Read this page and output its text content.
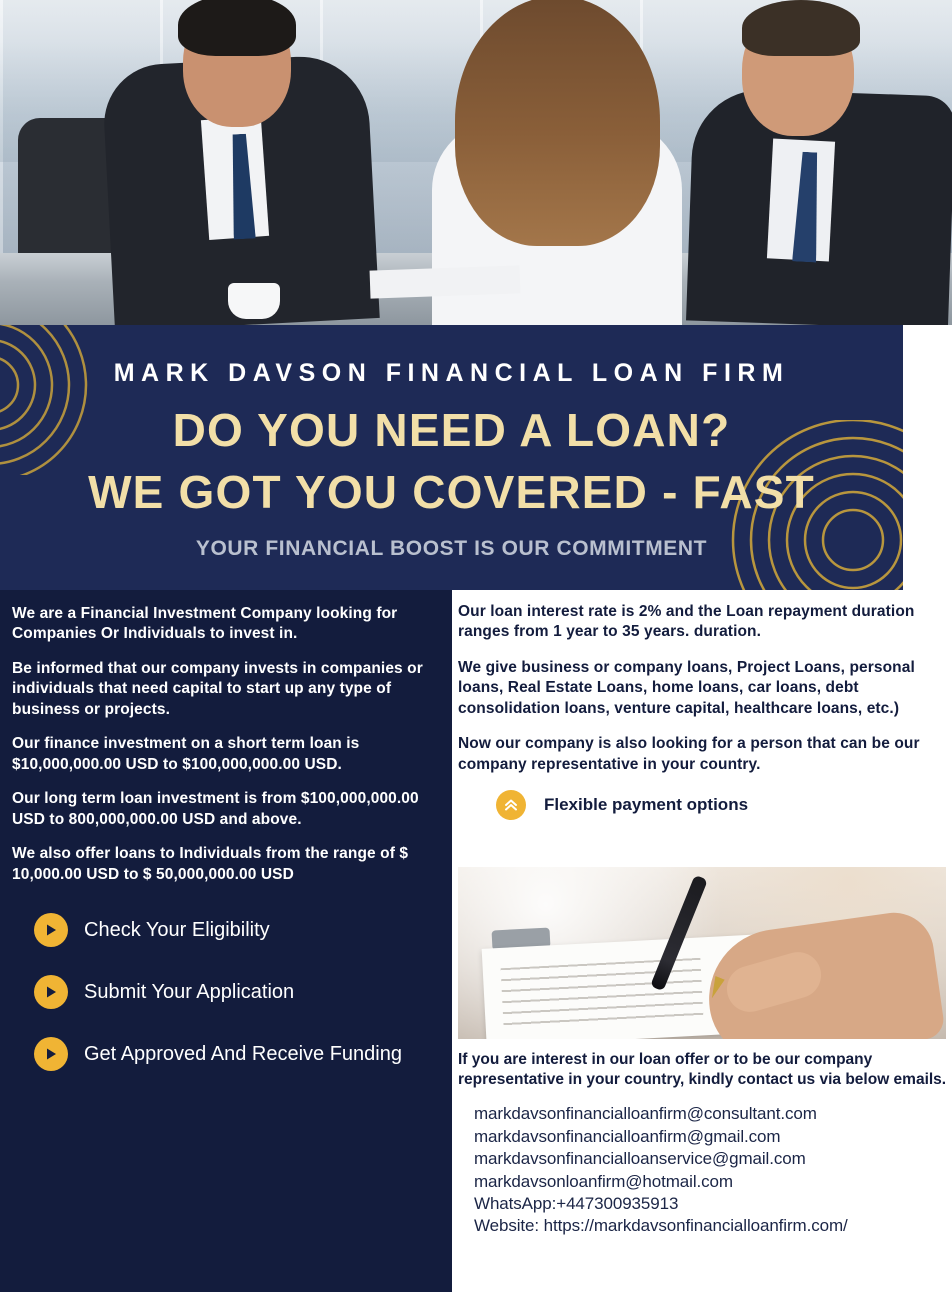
MARK DAVSON FINANCIAL LOAN FIRM
DO YOU NEED A LOAN?
WE GOT YOU COVERED - FAST
YOUR FINANCIAL BOOST IS OUR COMMITMENT

We are a Financial Investment Company looking for Companies Or Individuals to invest in.

Be informed that our company invests in companies or individuals that need capital to start up any type of business or projects.

Our finance investment on a short term loan is $10,000,000.00 USD to $100,000,000.00 USD.

Our long term loan investment is from $100,000,000.00 USD to 800,000,000.00 USD and above.

We also offer loans to Individuals from the range of $ 10,000.00 USD to $ 50,000,000.00 USD

Check Your Eligibility
Submit Your Application
Get Approved And Receive Funding

Our loan interest rate is 2% and the Loan repayment duration ranges from 1 year to 35 years. duration.

We give business or company loans, Project Loans, personal loans, Real Estate Loans, home loans, car loans, debt consolidation loans, venture capital, healthcare loans, etc.)

Now our company is also looking for a person that can be our company representative in your country.

Flexible payment options
If you are interest in our loan offer or to be our company representative in your country, kindly contact us via below emails.
markdavsonfinancialloanfirm@consultant.com
markdavsonfinancialloanfirm@gmail.com
markdavsonfinancialloanservice@gmail.com
markdavsonloanfirm@hotmail.com
WhatsApp:+447300935913
Website: https://markdavsonfinancialloanfirm.com/
